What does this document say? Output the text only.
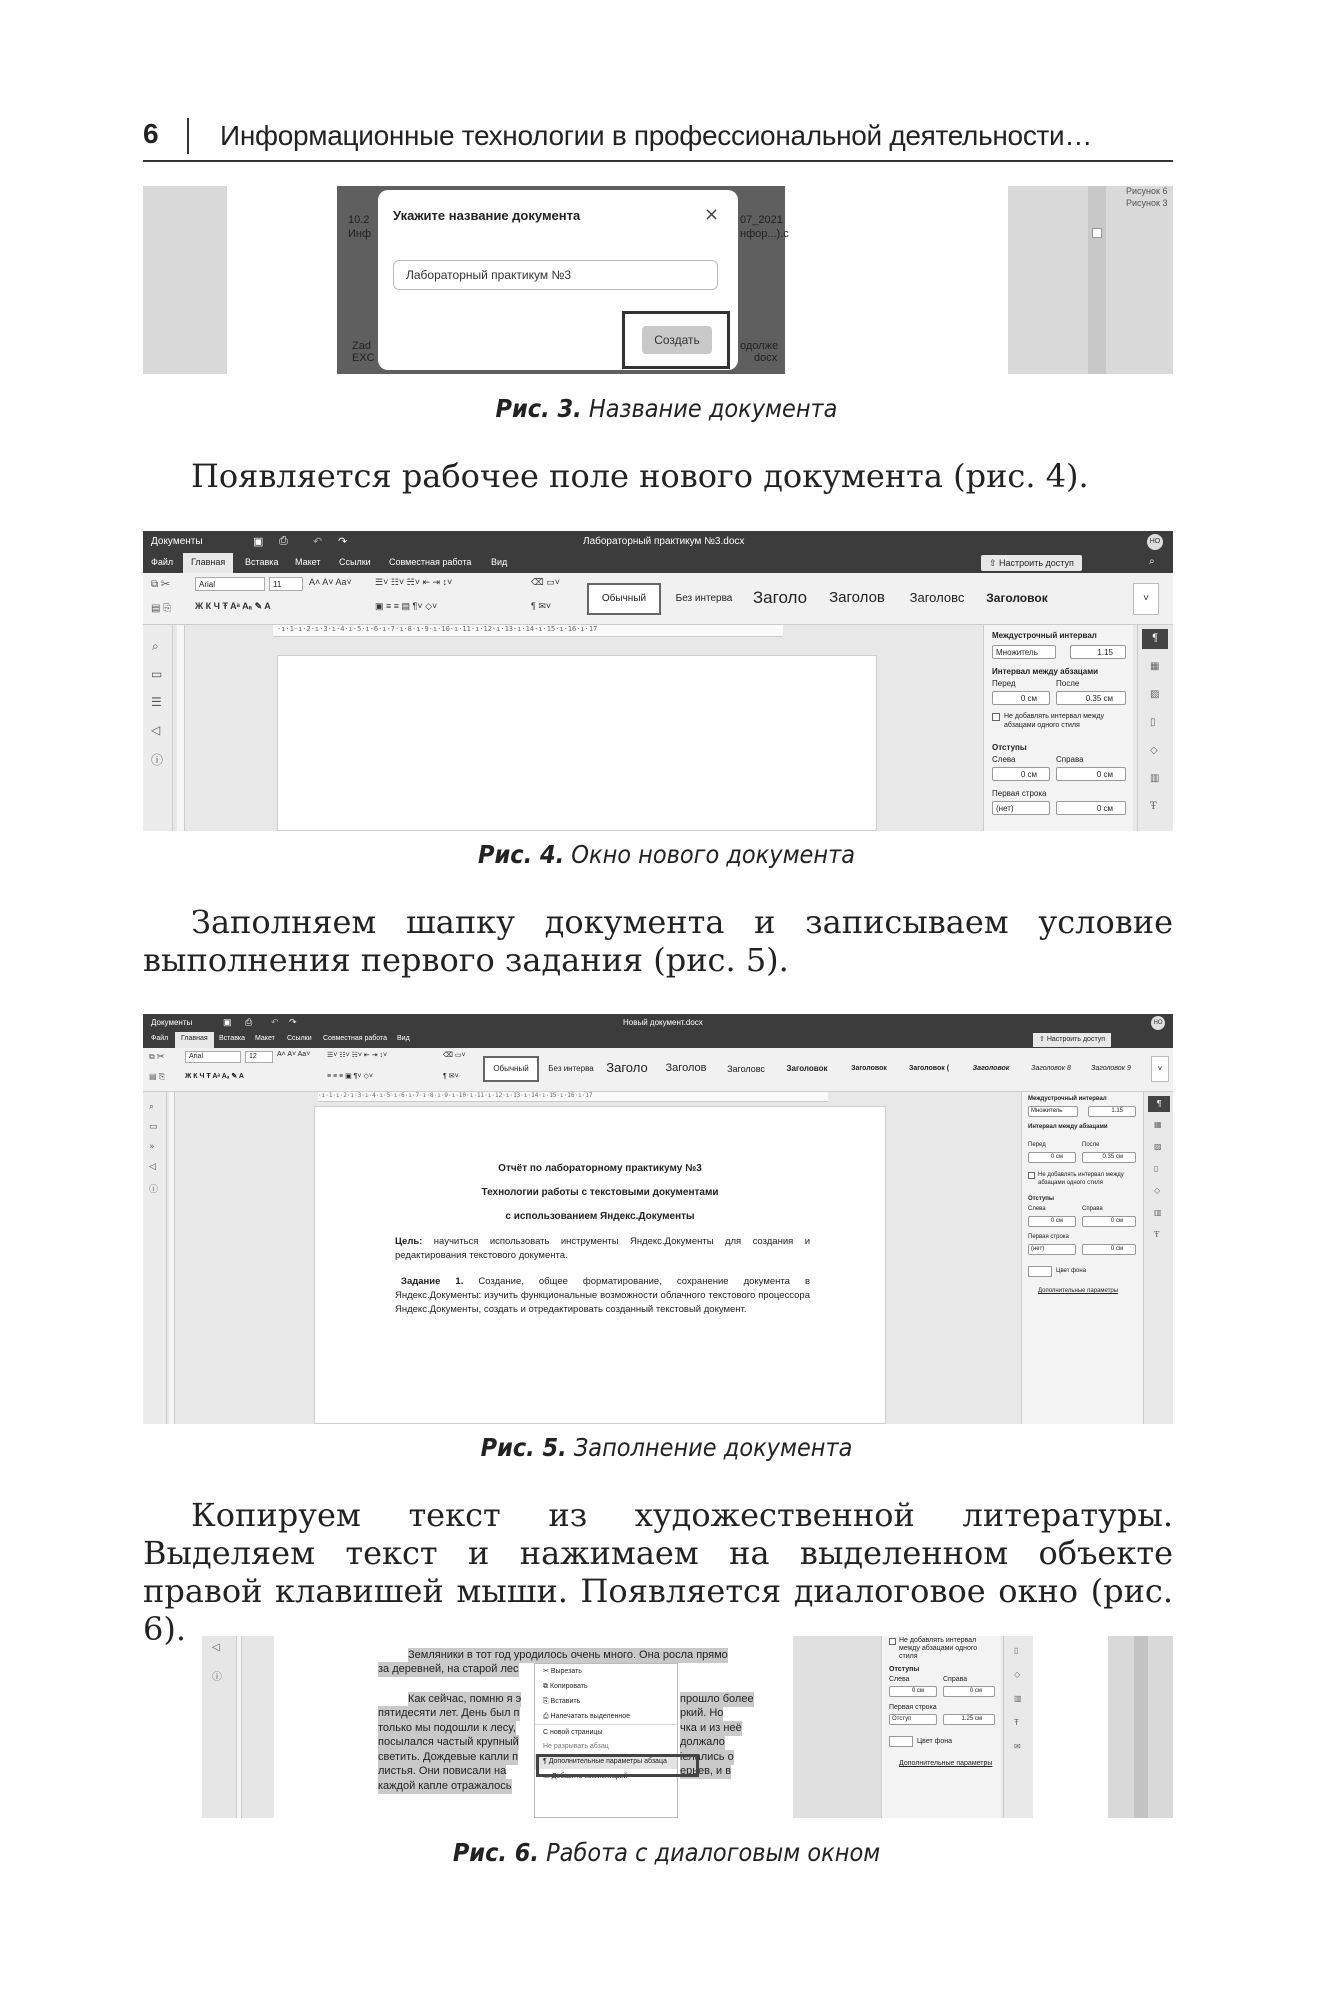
6 Информационные технологии в профессиональной деятельности…
10.2
Инф
Zad
EXC
07_2021
нфор...).c
одолже
docx
Укажите название документа	×
Лабораторный практикум №3
Создать
Рисунок 6
Рисунок 3
Рис. 3. Название документа
Появляется рабочее поле нового документа (рис. 4).
Документы	▣ ⎙ ↶ ↷	Лабораторный практикум №3.docx	НО
Файл	Главная	Вставка Макет Ссылки Совместная работа Вид	⇧ Настроить доступ	⌕
⧉ ✂
▤ ⎘
Arial	11	A˄ A˅ Aa˅
Ж К Ч Ŧ Aᵃ Aₐ ✎ A
☰˅ ☷˅ ☵˅ ⇤ ⇥ ↕˅
▣ ≡ ≡ ▤ ¶˅ ◇˅
⌫ ▭˅
¶ ✉˅
Обычный	Без интерва	Заголо	Заголов	Заголовс	Заголовок	˅
⌕
▭
☰
◁
ⓘ
·ı·1·ı·2·ı·3·ı·4·ı·5·ı·6·ı·7·ı·8·ı·9·ı·10·ı·11·ı·12·ı·13·ı·14·ı·15·ı·16·ı·17
Междустрочный интервал
Множитель	1.15
Интервал между абзацами
Перед	После
0 см	0.35 см
Не добавлять интервал между абзацами одного стиля
Отступы
Слева	Справа
0 см	0 см
Первая строка
(нет)	0 см
¶
▦
▨
▯
◇
▥
Ŧ
Рис. 4. Окно нового документа
Заполняем шапку документа и записываем условие выполнения первого задания (рис. 5).
Документы	▣ ⎙ ↶ ↷	Новый документ.docx	НО
Файл	Главная	Вставка Макет Ссылки Совместная работа Вид	⇧ Настроить доступ
⧉ ✂
▤ ⎘
Arial	12	A˄ A˅ Aa˅
Ж К Ч Ŧ Aᵃ Aₐ ✎ A
☰˅ ☷˅ ☵˅ ⇤ ⇥ ↕˅
≡ ≡ ≡ ▣ ¶˅ ◇˅
⌫ ▭˅
¶ ✉˅
Обычный	Без интерва Заголо	Заголов	Заголовс	Заголовок	Заголовок	Заголовок (	Заголовок	Заголовок 8	Заголовок 9	˅
⌕
▭
»
◁
ⓘ
·ı·1·ı·2·ı·3·ı·4·ı·5·ı·6·ı·7·ı·8·ı·9·ı·10·ı·11·ı·12·ı·13·ı·14·ı·15·ı·16·ı·17
Отчёт по лабораторному практикуму №3
Технологии работы с текстовыми документами
с использованием Яндекс.Документы
Цель: научиться использовать инструменты Яндекс.Документы для создания и редактирования текстового документа.
Задание 1. Создание, общее форматирование, сохранение документа в Яндекс.Документы: изучить функциональные возможности облачного текстового процессора Яндекс.Документы, создать и отредактировать созданный текстовый документ.
Междустрочный интервал
Множитель	1.15
Интервал между абзацами
Перед	После
0 см	0.35 см
Не добавлять интервал между абзацами одного стиля
Отступы
Слева	Справа
0 см	0 см
Первая строка
(нет)	0 см
Цвет фона
Дополнительные параметры
¶
▦
▨
▯
◇
▥
Ŧ
Рис. 5. Заполнение документа
Копируем текст из художественной литературы. Выделяем текст и нажимаем на выделенном объекте правой клавишей мыши. Появляется диалоговое окно (рис. 6).	◁
ⓘ
Земляники в тот год уродилось очень много. Она росла прямо
за деревней, на старой лес
Как сейчас, помню я э
пятидесяти лет. День был п
только мы подошли к лесу,
посылался частый крупный
светить. Дождевые капли п
листья. Они повисали на
каждой капле отражалось
прошло более
ркий. Но
чка и из неё
должало
іелались о
ерьев, и в
✂ Вырезать
⧉ Копировать
⎘ Вставить
⎙ Напечатать выделенное
С новой страницы
Не разрывать абзац
¶ Дополнительные параметры абзаца
▭ Добавить комментарий
Не добавлять интервал между абзацами одного стиля
Отступы
Слева	Справа
0 см	0 см
Первая строка
Отступ	1.25 см
Цвет фона
Дополнительные параметры
▯
◇
▥
Ŧ
✉
Рис. 6. Работа с диалоговым окном
